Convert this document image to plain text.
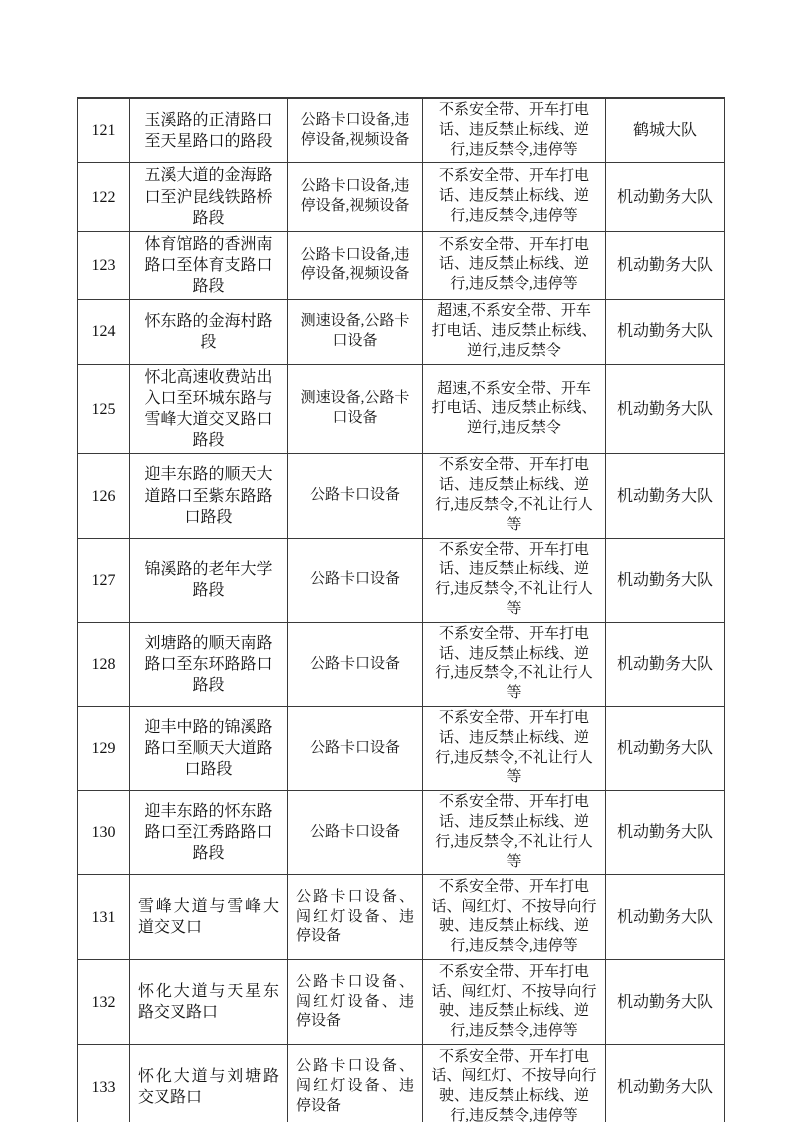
121	玉溪路的正清路口至天星路口的路段	公路卡口设备,违停设备,视频设备	不系安全带、开车打电话、违反禁止标线、逆行,违反禁令,违停等	鹤城大队
122	五溪大道的金海路口至沪昆线铁路桥路段	公路卡口设备,违停设备,视频设备	不系安全带、开车打电话、违反禁止标线、逆行,违反禁令,违停等	机动勤务大队
123	体育馆路的香洲南路口至体育支路口路段	公路卡口设备,违停设备,视频设备	不系安全带、开车打电话、违反禁止标线、逆行,违反禁令,违停等	机动勤务大队
124	怀东路的金海村路段	测速设备,公路卡口设备	超速,不系安全带、开车打电话、违反禁止标线、逆行,违反禁令	机动勤务大队
125	怀北高速收费站出入口至环城东路与雪峰大道交叉路口路段	测速设备,公路卡口设备	超速,不系安全带、开车打电话、违反禁止标线、逆行,违反禁令	机动勤务大队
126	迎丰东路的顺天大道路口至紫东路路口路段	公路卡口设备	不系安全带、开车打电话、违反禁止标线、逆行,违反禁令,不礼让行人等	机动勤务大队
127	锦溪路的老年大学路段	公路卡口设备	不系安全带、开车打电话、违反禁止标线、逆行,违反禁令,不礼让行人等	机动勤务大队
128	刘塘路的顺天南路路口至东环路路口路段	公路卡口设备	不系安全带、开车打电话、违反禁止标线、逆行,违反禁令,不礼让行人等	机动勤务大队
129	迎丰中路的锦溪路路口至顺天大道路口路段	公路卡口设备	不系安全带、开车打电话、违反禁止标线、逆行,违反禁令,不礼让行人等	机动勤务大队
130	迎丰东路的怀东路路口至江秀路路口路段	公路卡口设备	不系安全带、开车打电话、违反禁止标线、逆行,违反禁令,不礼让行人等	机动勤务大队
131	雪峰大道与雪峰大道交叉口	公路卡口设备、闯红灯设备、违停设备	不系安全带、开车打电话、闯红灯、不按导向行驶、违反禁止标线、逆行,违反禁令,违停等	机动勤务大队
132	怀化大道与天星东路交叉路口	公路卡口设备、闯红灯设备、违停设备	不系安全带、开车打电话、闯红灯、不按导向行驶、违反禁止标线、逆行,违反禁令,违停等	机动勤务大队
133	怀化大道与刘塘路交叉路口	公路卡口设备、闯红灯设备、违停设备	不系安全带、开车打电话、闯红灯、不按导向行驶、违反禁止标线、逆行,违反禁令,违停等	机动勤务大队
